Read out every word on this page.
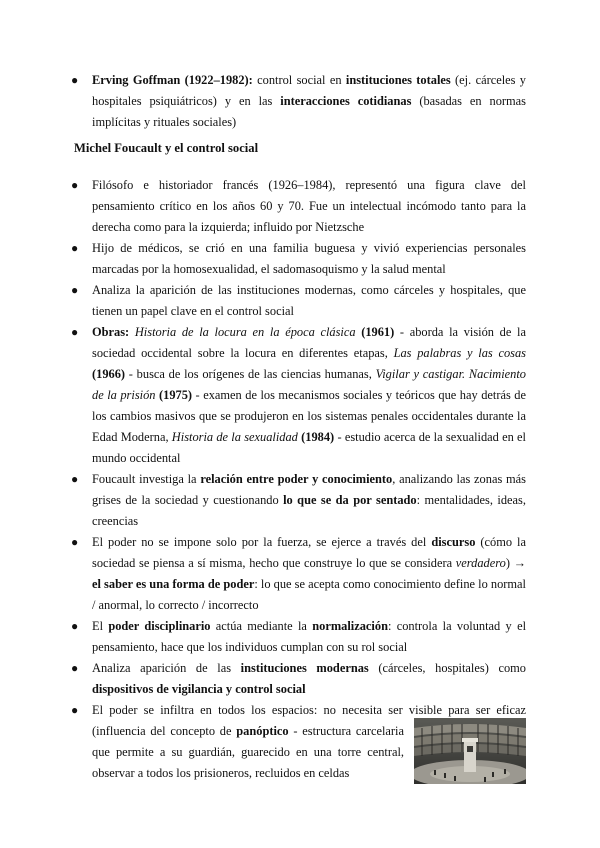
● Erving Goffman (1922–1982): control social en instituciones totales (ej. cárceles y hospitales psiquiátricos) y en las interacciones cotidianas (basadas en normas implícitas y rituales sociales)
Michel Foucault y el control social
● Filósofo e historiador francés (1926–1984), representó una figura clave del pensamiento crítico en los años 60 y 70. Fue un intelectual incómodo tanto para la derecha como para la izquierda; influido por Nietzsche
● Hijo de médicos, se crió en una familia buguesa y vivió experiencias personales marcadas por la homosexualidad, el sadomasoquismo y la salud mental
● Analiza la aparición de las instituciones modernas, como cárceles y hospitales, que tienen un papel clave en el control social
● Obras: Historia de la locura en la época clásica (1961) - aborda la visión de la sociedad occidental sobre la locura en diferentes etapas, Las palabras y las cosas (1966) - busca de los orígenes de las ciencias humanas, Vigilar y castigar. Nacimiento de la prisión (1975) - examen de los mecanismos sociales y teóricos que hay detrás de los cambios masivos que se produjeron en los sistemas penales occidentales durante la Edad Moderna, Historia de la sexualidad (1984) - estudio acerca de la sexualidad en el mundo occidental
● Foucault investiga la relación entre poder y conocimiento, analizando las zonas más grises de la sociedad y cuestionando lo que se da por sentado: mentalidades, ideas, creencias
● El poder no se impone solo por la fuerza, se ejerce a través del discurso (cómo la sociedad se piensa a sí misma, hecho que construye lo que se considera verdadero) → el saber es una forma de poder: lo que se acepta como conocimiento define lo normal / anormal, lo correcto / incorrecto
● El poder disciplinario actúa mediante la normalización: controla la voluntad y el pensamiento, hace que los individuos cumplan con su rol social
● Analiza aparición de las instituciones modernas (cárceles, hospitales) como dispositivos de vigilancia y control social
● El poder se infiltra en todos los espacios: no necesita ser visible para ser eficaz
(influencia del concepto de panóptico - estructura carcelaria que permite a su guardián, guarecido en una torre central, observar a todos los prisioneros, recluidos en celdas
